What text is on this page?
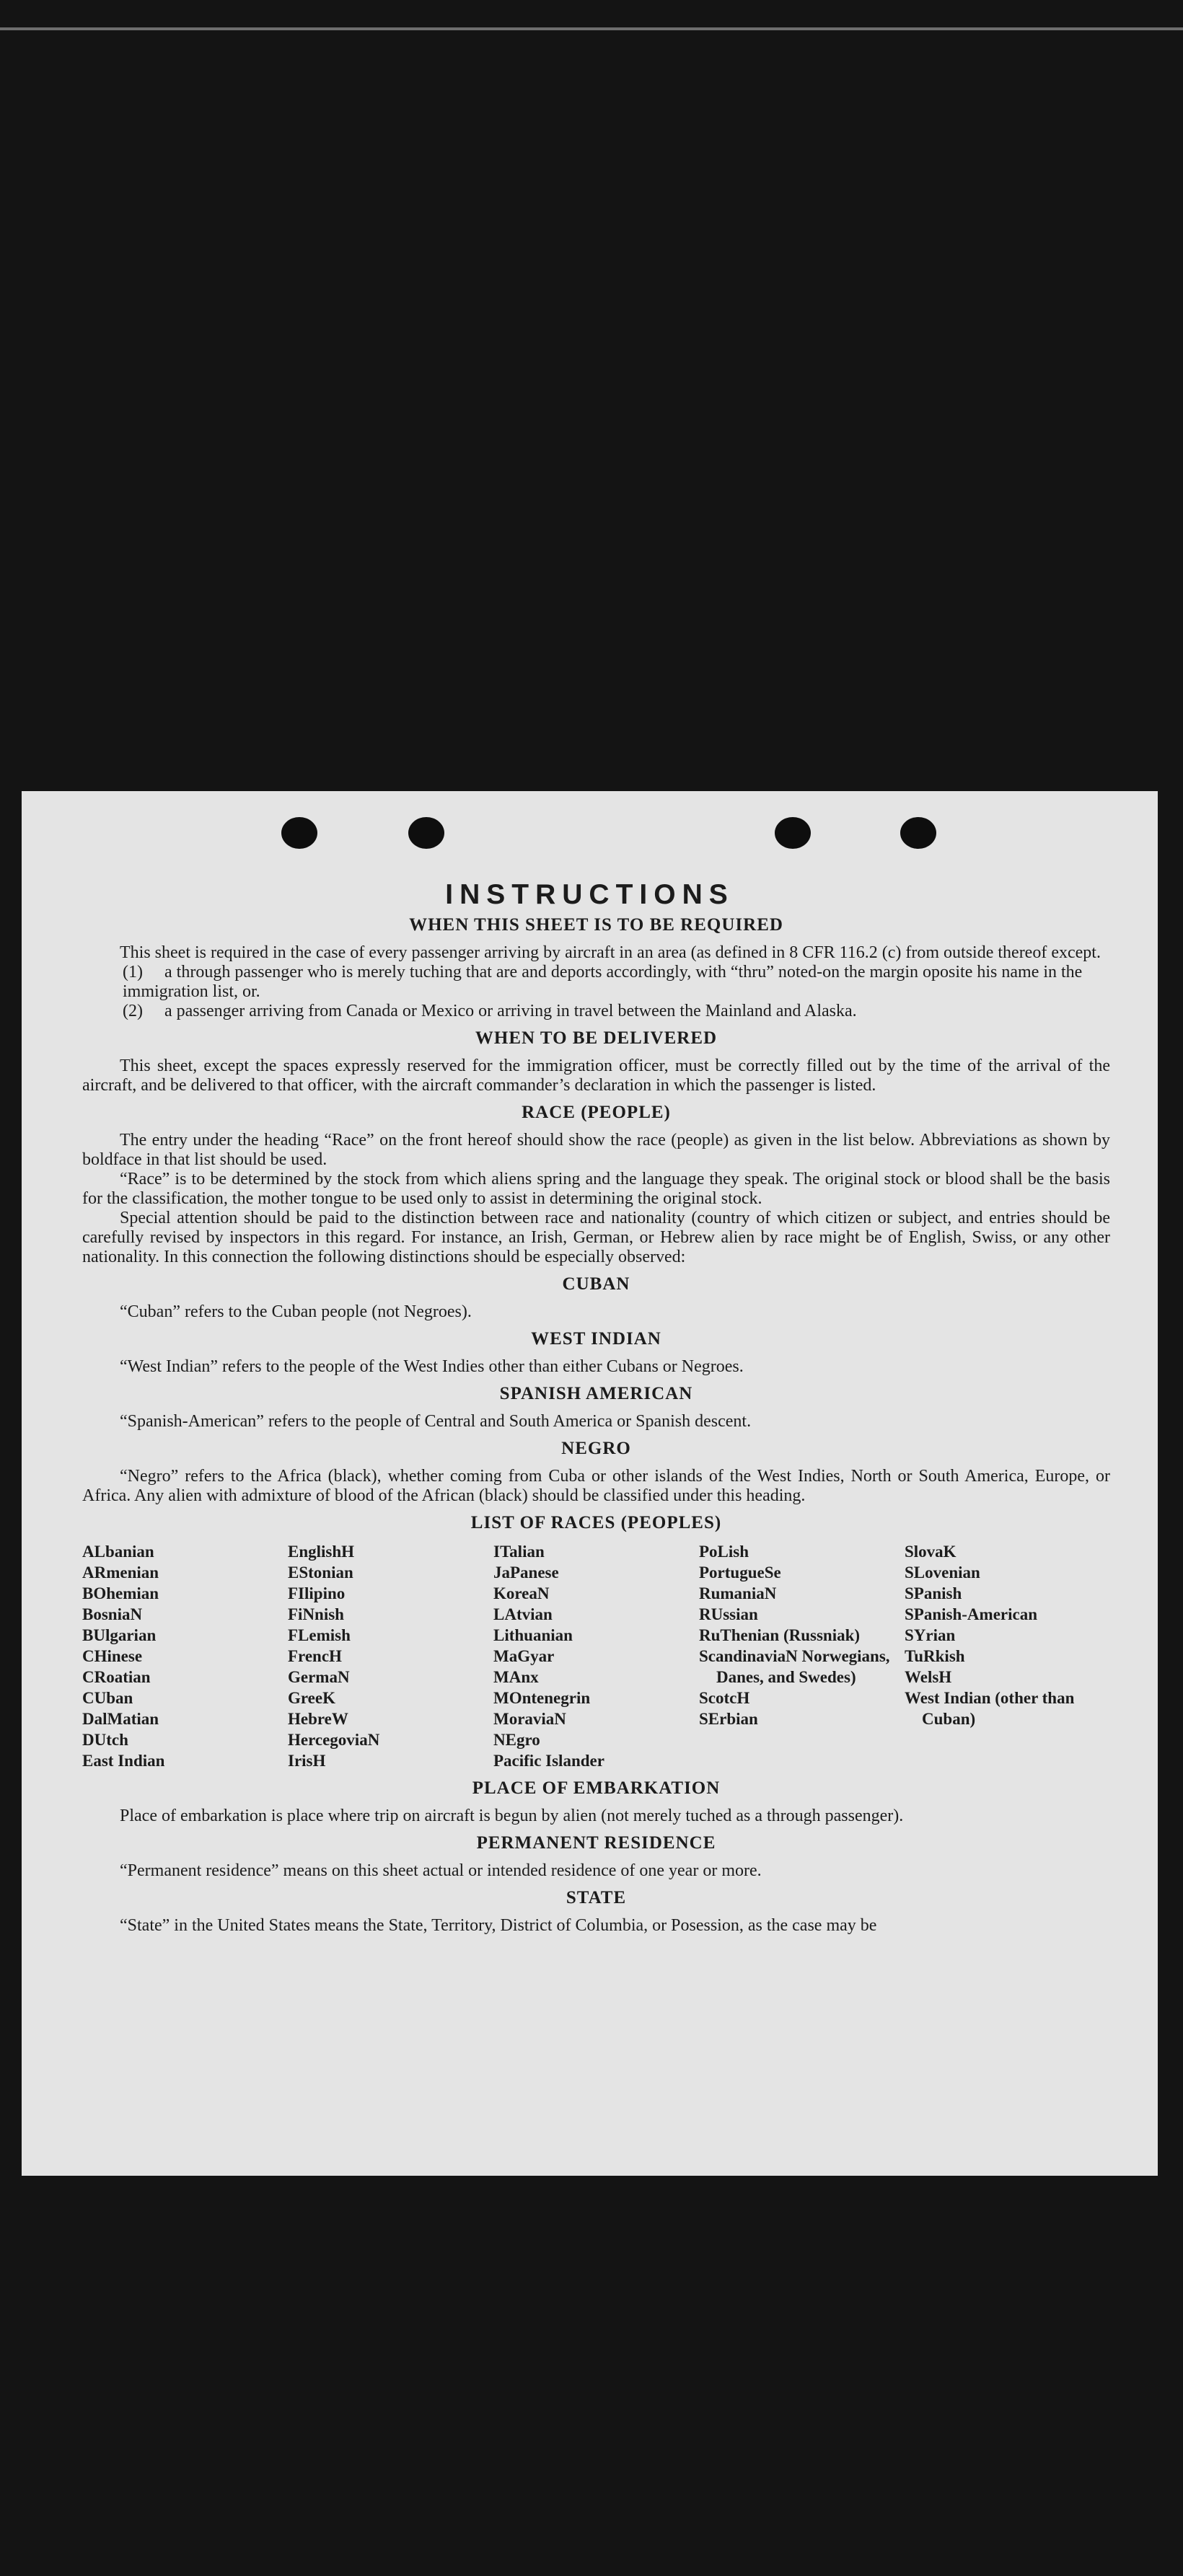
INSTRUCTIONS
WHEN THIS SHEET IS TO BE REQUIRED

This sheet is required in the case of every passenger arriving by aircraft in an area (as defined in 8 CFR 116.2 (c) from outside thereof except.

(1) a through passenger who is merely tuching that are and deports accordingly, with “thru” noted-on the margin oposite his name in the immigration list, or.
(2) a passenger arriving from Canada or Mexico or arriving in travel between the Mainland and Alaska.
WHEN TO BE DELIVERED

This sheet, except the spaces expressly reserved for the immigration officer, must be correctly filled out by the time of the arrival of the aircraft, and be delivered to that officer, with the aircraft commander’s declaration in which the passenger is listed.

RACE (PEOPLE)

The entry under the heading “Race” on the front hereof should show the race (people) as given in the list below. Abbreviations as shown by boldface in that list should be used.

“Race” is to be determined by the stock from which aliens spring and the language they speak. The original stock or blood shall be the basis for the classification, the mother tongue to be used only to assist in determining the original stock.

Special attention should be paid to the distinction between race and nationality (country of which citizen or subject, and entries should be carefully revised by inspectors in this regard. For instance, an Irish, German, or Hebrew alien by race might be of English, Swiss, or any other nationality. In this connection the following distinctions should be especially observed:

CUBAN

“Cuban” refers to the Cuban people (not Negroes).

WEST INDIAN

“West Indian” refers to the people of the West Indies other than either Cubans or Negroes.

SPANISH AMERICAN

“Spanish-American” refers to the people of Central and South America or Spanish descent.

NEGRO

“Negro” refers to the Africa (black), whether coming from Cuba or other islands of the West Indies, North or South America, Europe, or Africa. Any alien with admixture of blood of the African (black) should be classified under this heading.

LIST OF RACES (PEOPLES)
ALbanian
ARmenian
BOhemian
BosniaN
BUlgarian
CHinese
CRoatian
CUban
DalMatian
DUtch
East Indian
EnglishH
EStonian
FIlipino
FiNnish
FLemish
FrencH
GermaN
GreeK
HebreW
HercegoviaN
IrisH
ITalian
JaPanese
KoreaN
LAtvian
Lithuanian
MaGyar
MAnx
MOntenegrin
MoraviaN
NEgro
Pacific Islander
PoLish
PortugueSe
RumaniaN
RUssian
RuThenian (Russniak)
ScandinaviaN Norwegians, Danes, and Swedes)
ScotcH
SErbian
SlovaK
SLovenian
SPanish
SPanish-American
SYrian
TuRkish
WelsH
West Indian (other than Cuban)
PLACE OF EMBARKATION

Place of embarkation is place where trip on aircraft is begun by alien (not merely tuched as a through passenger).

PERMANENT RESIDENCE

“Permanent residence” means on this sheet actual or intended residence of one year or more.

STATE

“State” in the United States means the State, Territory, District of Columbia, or Posession, as the case may be
